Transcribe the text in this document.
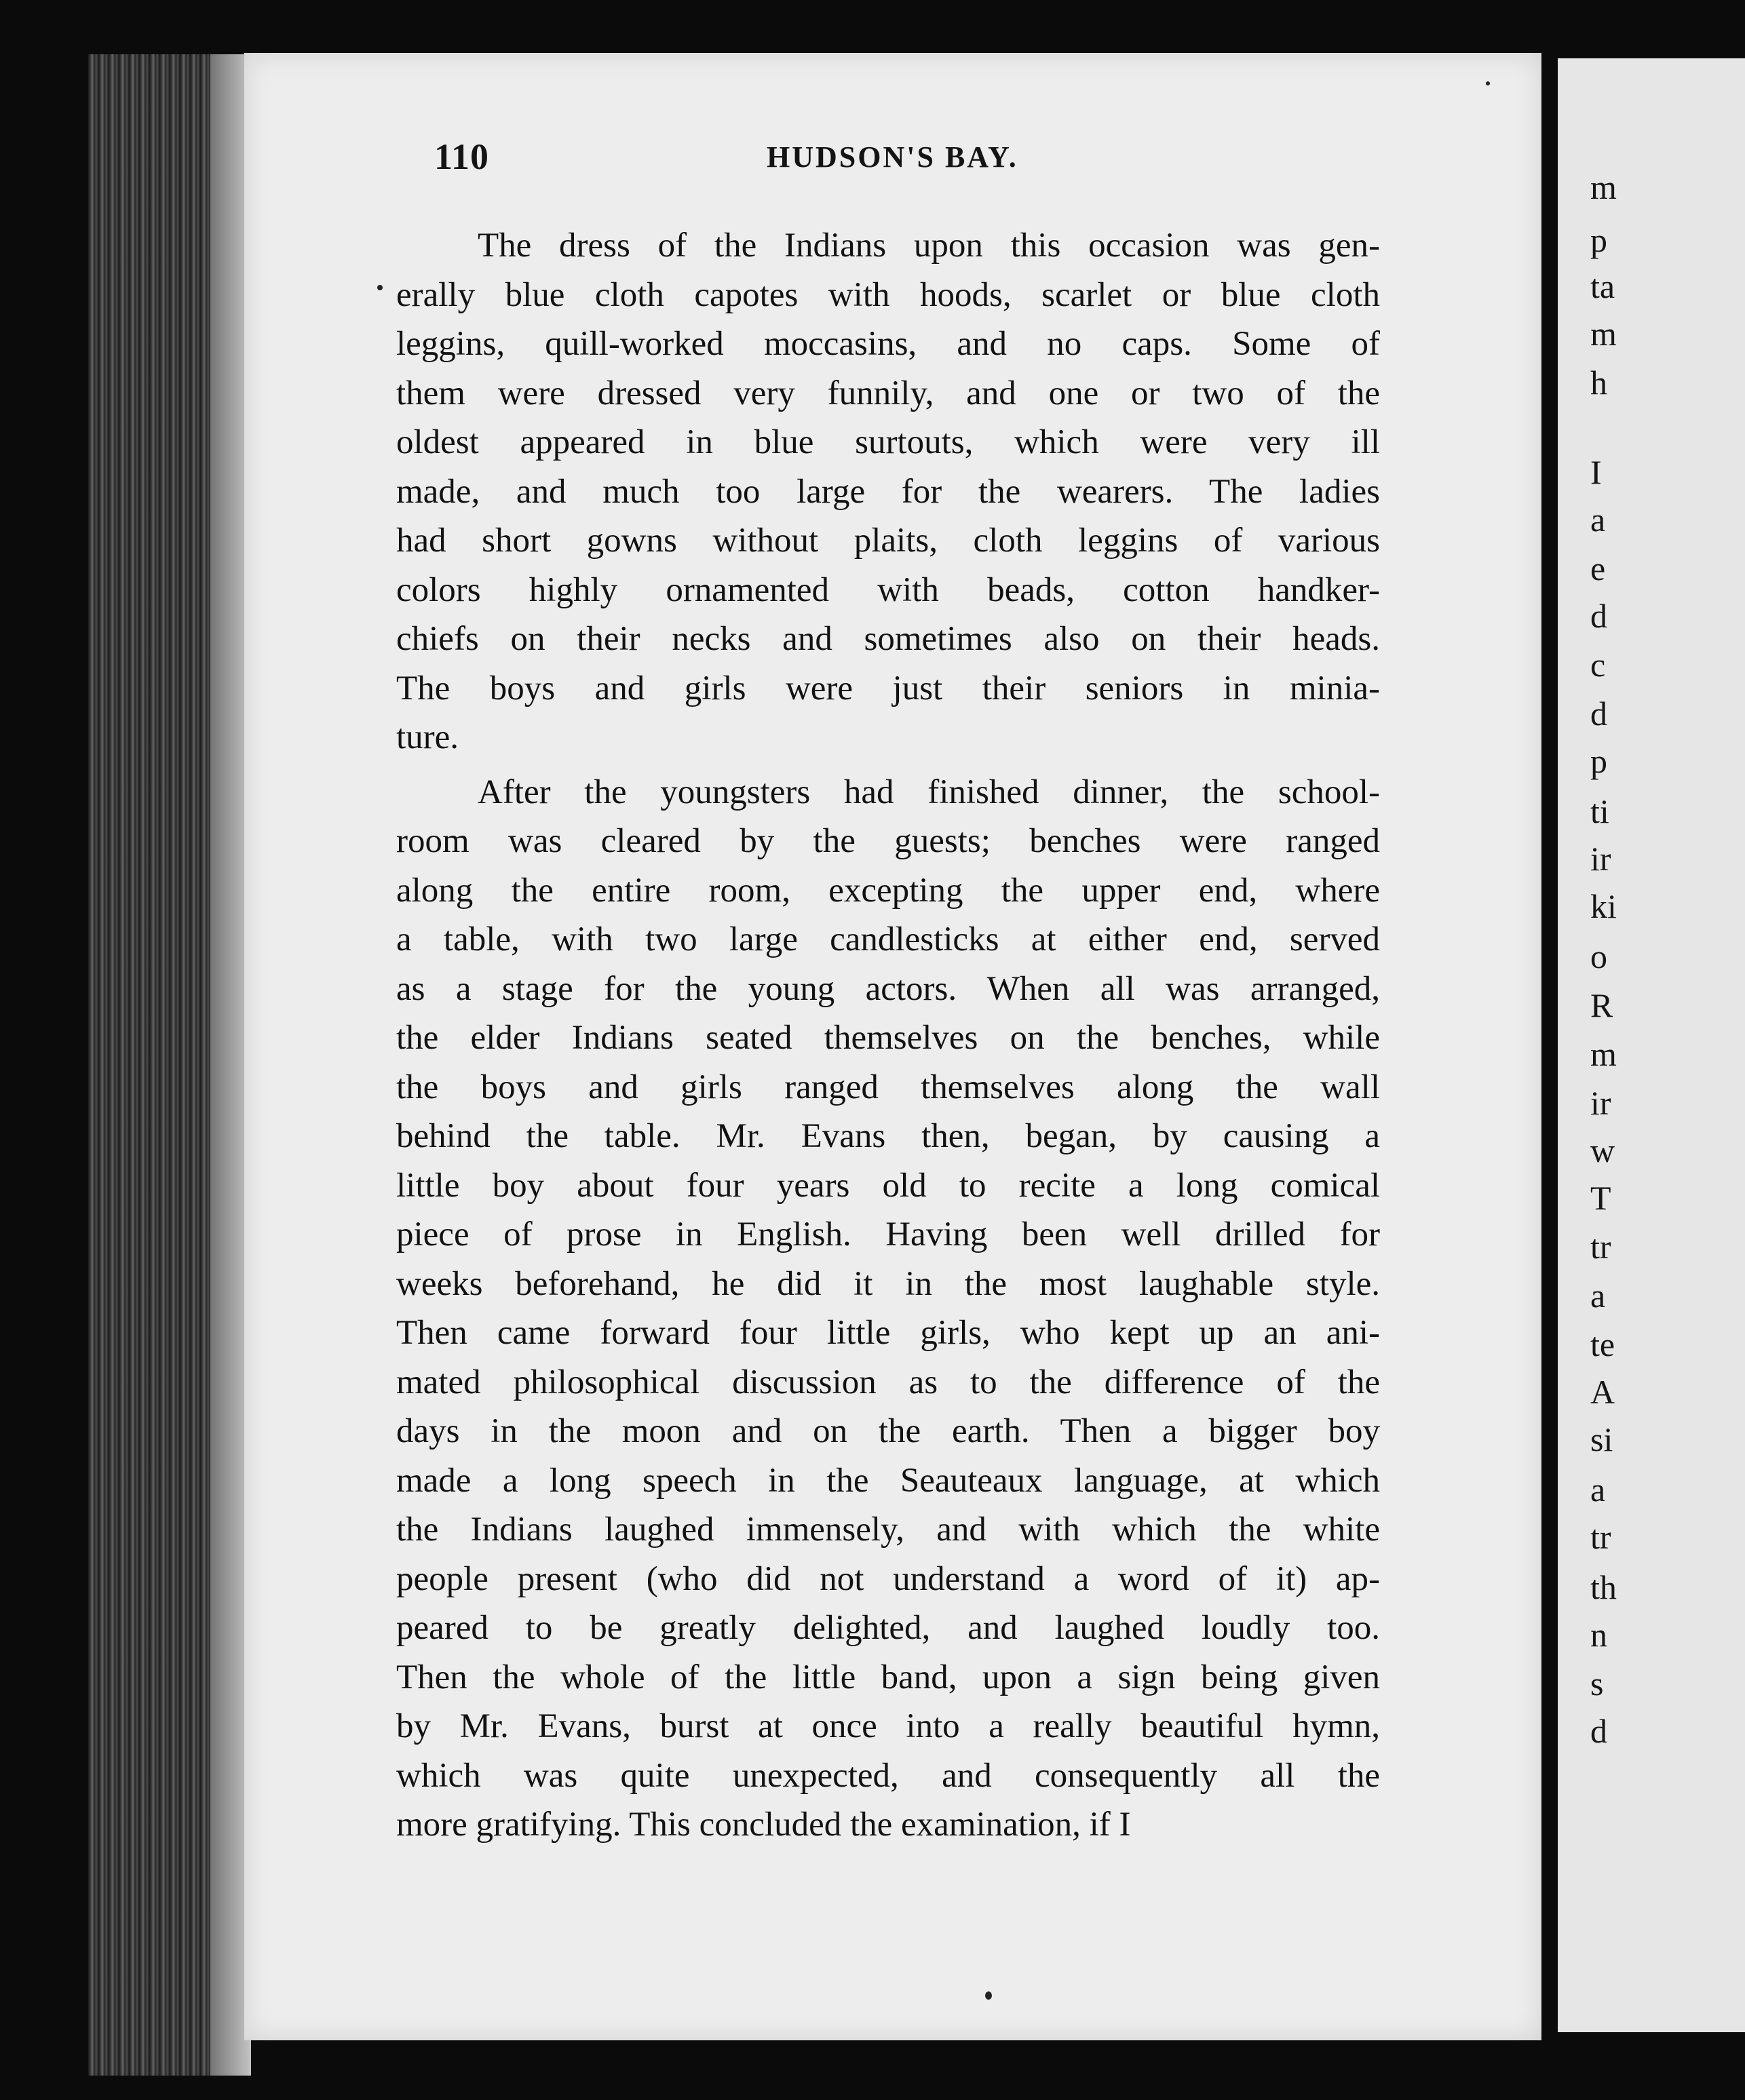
m
p
ta
m
h
I
a
e
d
c
d
p
ti
ir
ki
o
R
m
ir
w
T
tr
a
te
A
si
a
tr
th
n
s
d
110	HUDSON'S BAY.

The dress of the Indians upon this occasion was gen-
erally blue cloth capotes with hoods, scarlet or blue cloth
leggins, quill-worked moccasins, and no caps. Some of
them were dressed very funnily, and one or two of the
oldest appeared in blue surtouts, which were very ill
made, and much too large for the wearers. The ladies
had short gowns without plaits, cloth leggins of various
colors highly ornamented with beads, cotton handker-
chiefs on their necks and sometimes also on their heads.
The boys and girls were just their seniors in minia-
ture.

After the youngsters had finished dinner, the school-
room was cleared by the guests; benches were ranged
along the entire room, excepting the upper end, where
a table, with two large candlesticks at either end, served
as a stage for the young actors. When all was arranged,
the elder Indians seated themselves on the benches, while
the boys and girls ranged themselves along the wall
behind the table. Mr. Evans then, began, by causing a
little boy about four years old to recite a long comical
piece of prose in English. Having been well drilled for
weeks beforehand, he did it in the most laughable style.
Then came forward four little girls, who kept up an ani-
mated philosophical discussion as to the difference of the
days in the moon and on the earth. Then a bigger boy
made a long speech in the Seauteaux language, at which
the Indians laughed immensely, and with which the white
people present (who did not understand a word of it) ap-
peared to be greatly delighted, and laughed loudly too.
Then the whole of the little band, upon a sign being given
by Mr. Evans, burst at once into a really beautiful hymn,
which was quite unexpected, and consequently all the
more gratifying. This concluded the examination, if I
